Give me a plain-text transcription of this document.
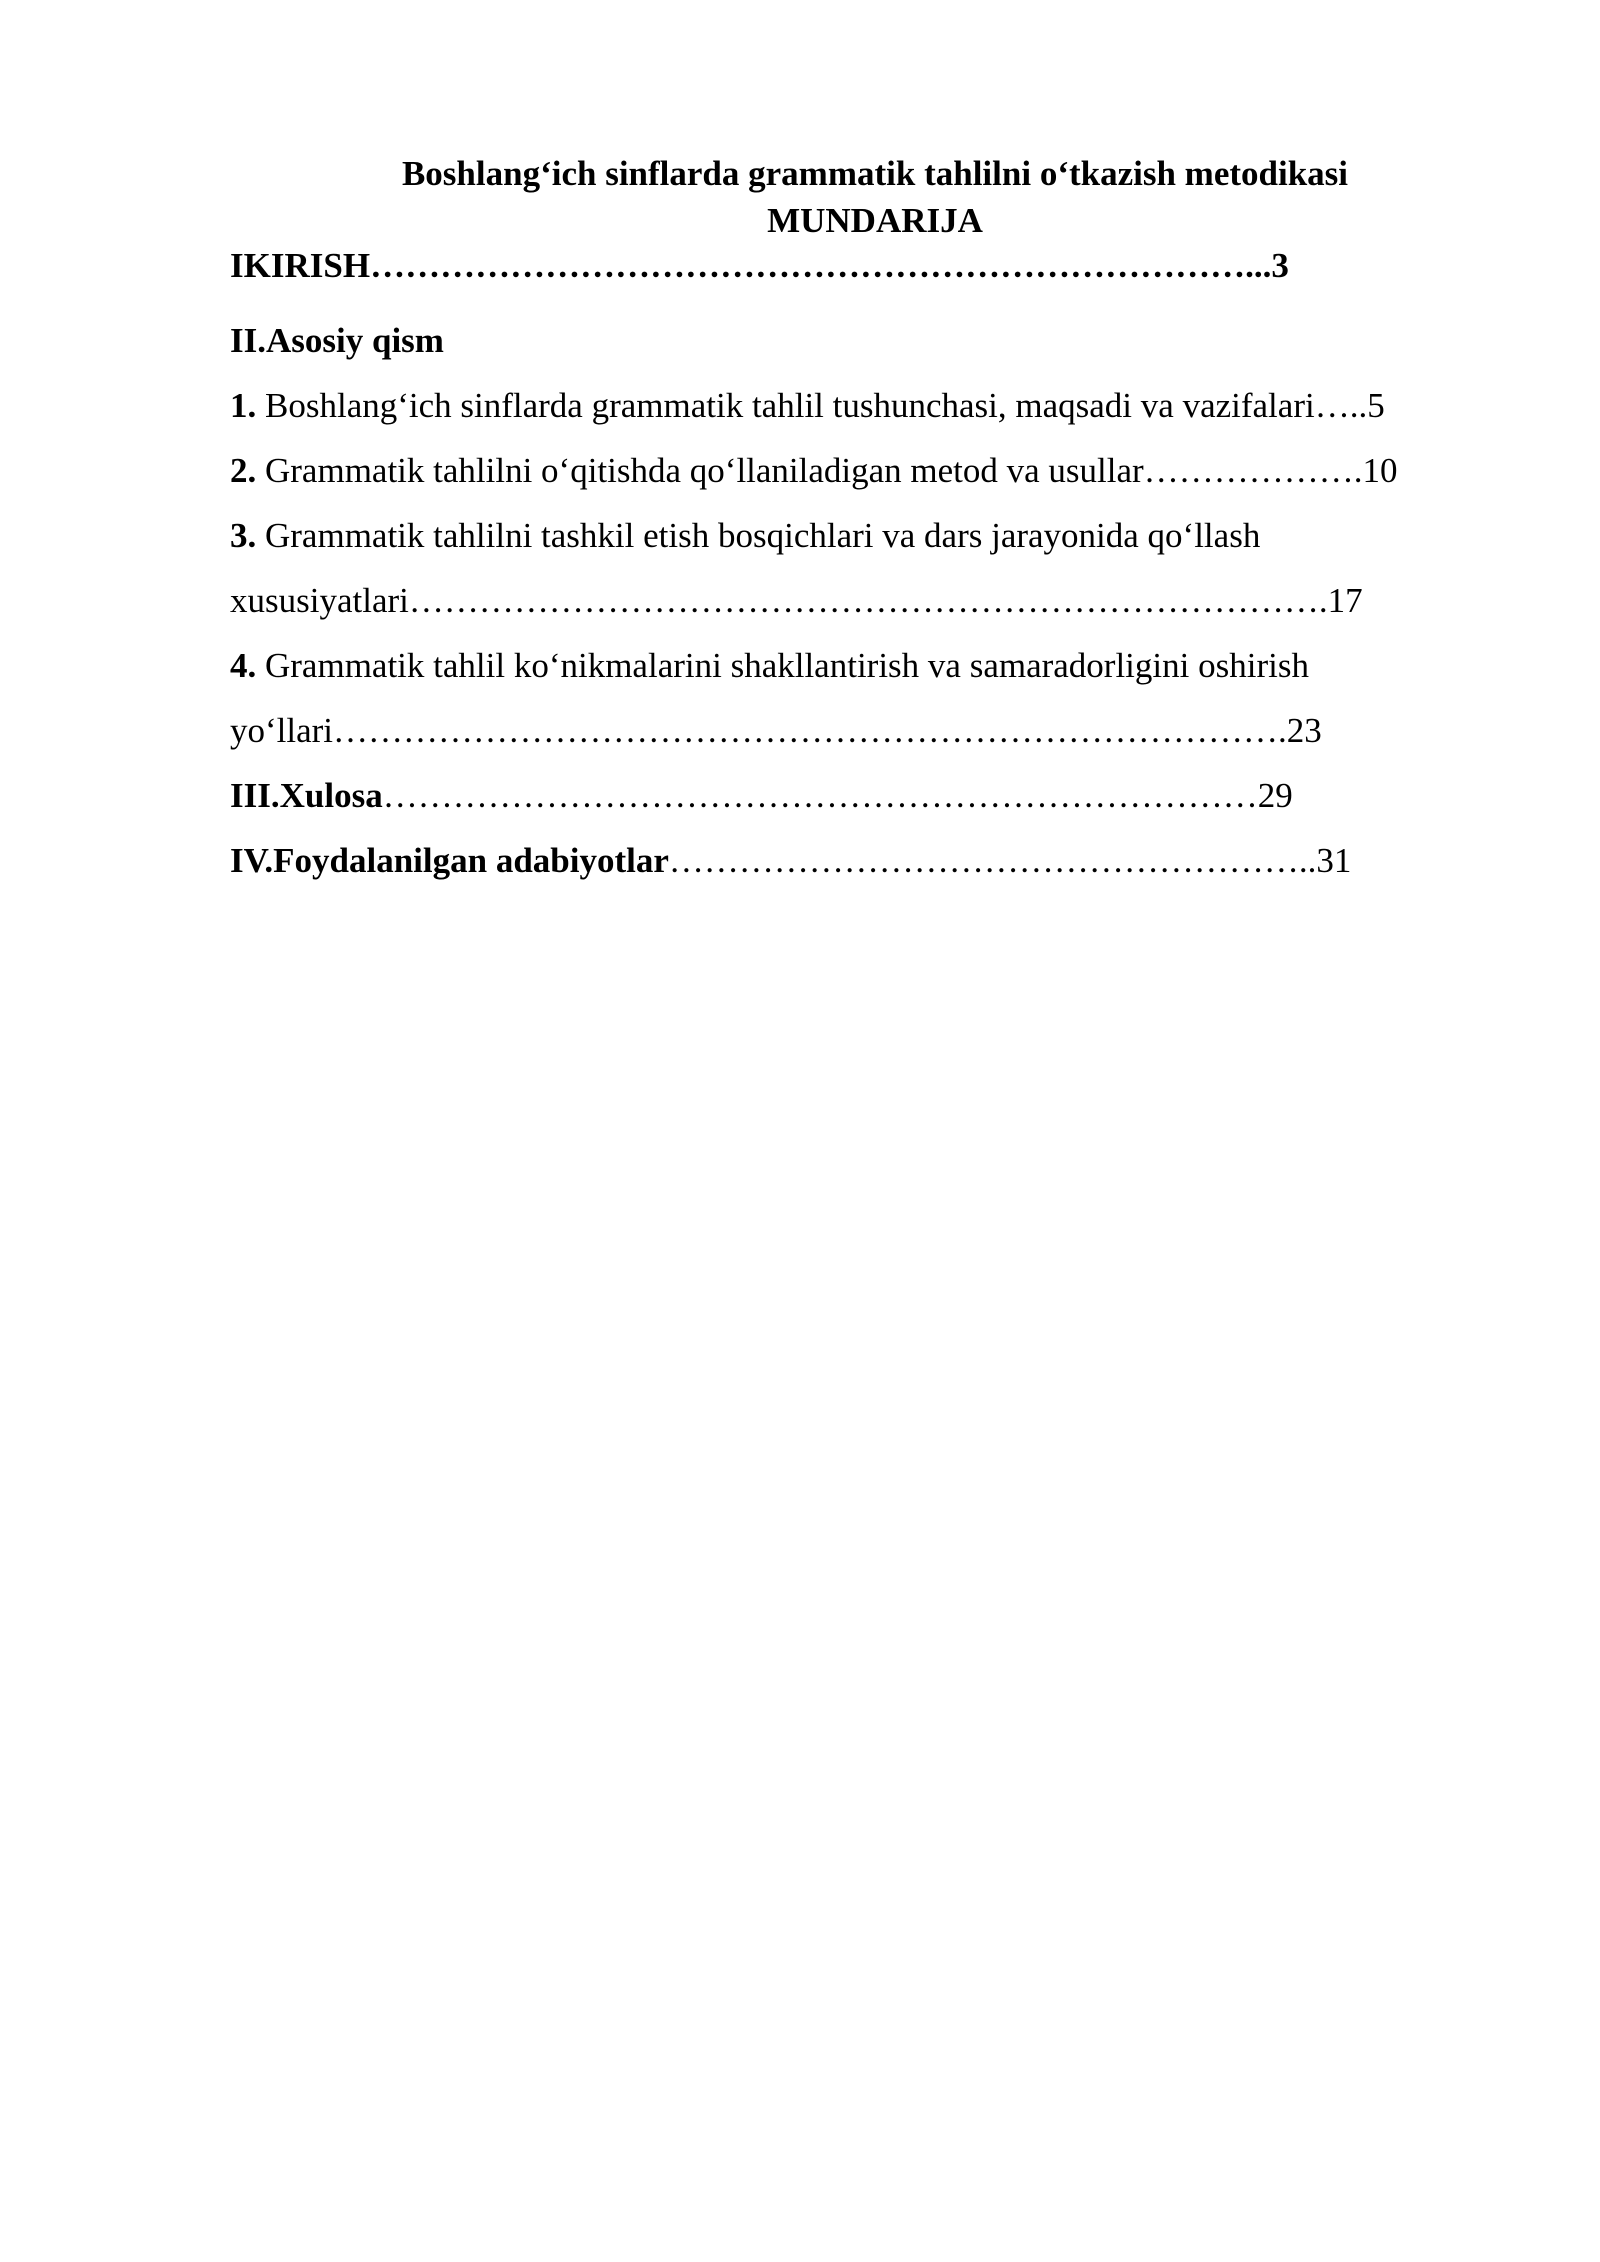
Boshlang‘ich sinflarda grammatik tahlilni o‘tkazish metodikasi

MUNDARIJA

IKIRISH…………………………………………………………………...3

II.Asosiy qism

1. Boshlang‘ich sinflarda grammatik tahlil tushunchasi, maqsadi va vazifalari…..5

2. Grammatik tahlilni o‘qitishda qo‘llaniladigan metod va usullar……………….10

3. Grammatik tahlilni tashkil etish bosqichlari va dars jarayonida qo‘llash

xususiyatlari…………………………………………………………………….17

4. Grammatik tahlil ko‘nikmalarini shakllantirish va samaradorligini oshirish

yo‘llari……………………………………………………………………….23

III.Xulosa…………………………………………………………………29

IV.Foydalanilgan adabiyotlar………………………………………………..31
